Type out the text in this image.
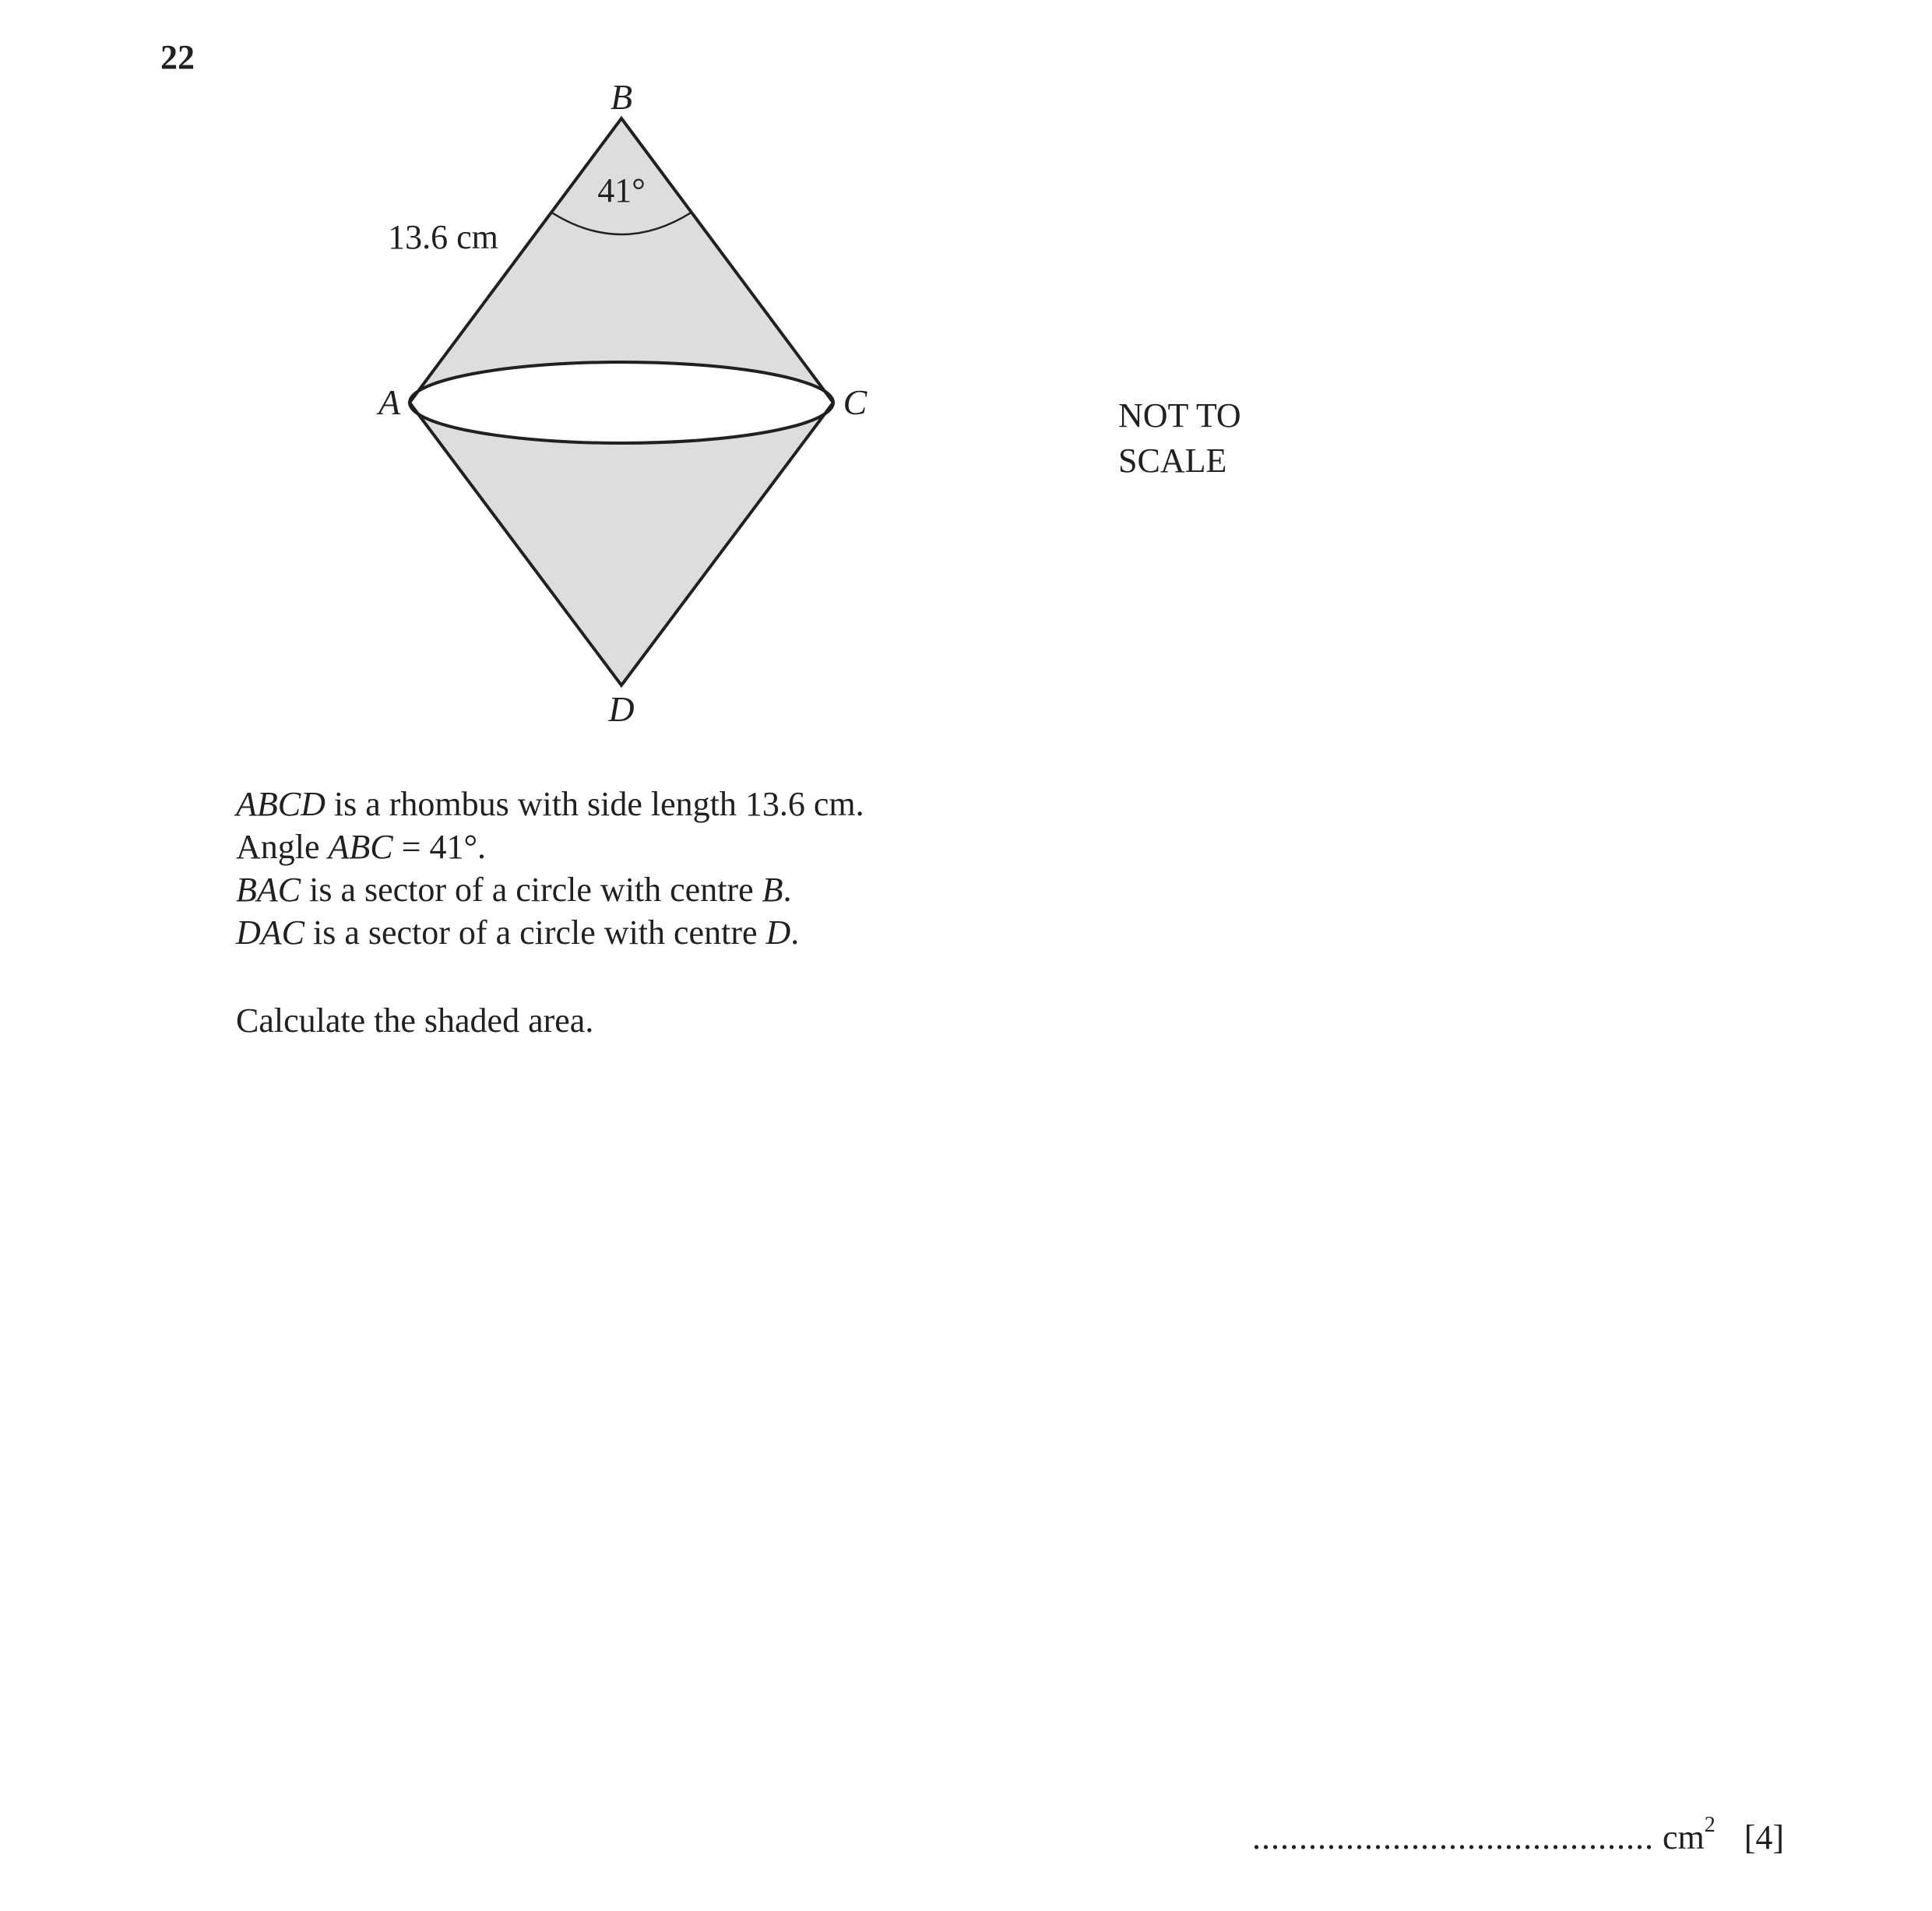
22
B
A	C
D
41°
13.6 cm
NOT TO
SCALE

ABCD is a rhombus with side length 13.6 cm.

Angle ABC = 41°.

BAC is a sector of a circle with centre B.

DAC is a sector of a circle with centre D.

Calculate the shaded area.

........................................... $cm^2$ [4]
